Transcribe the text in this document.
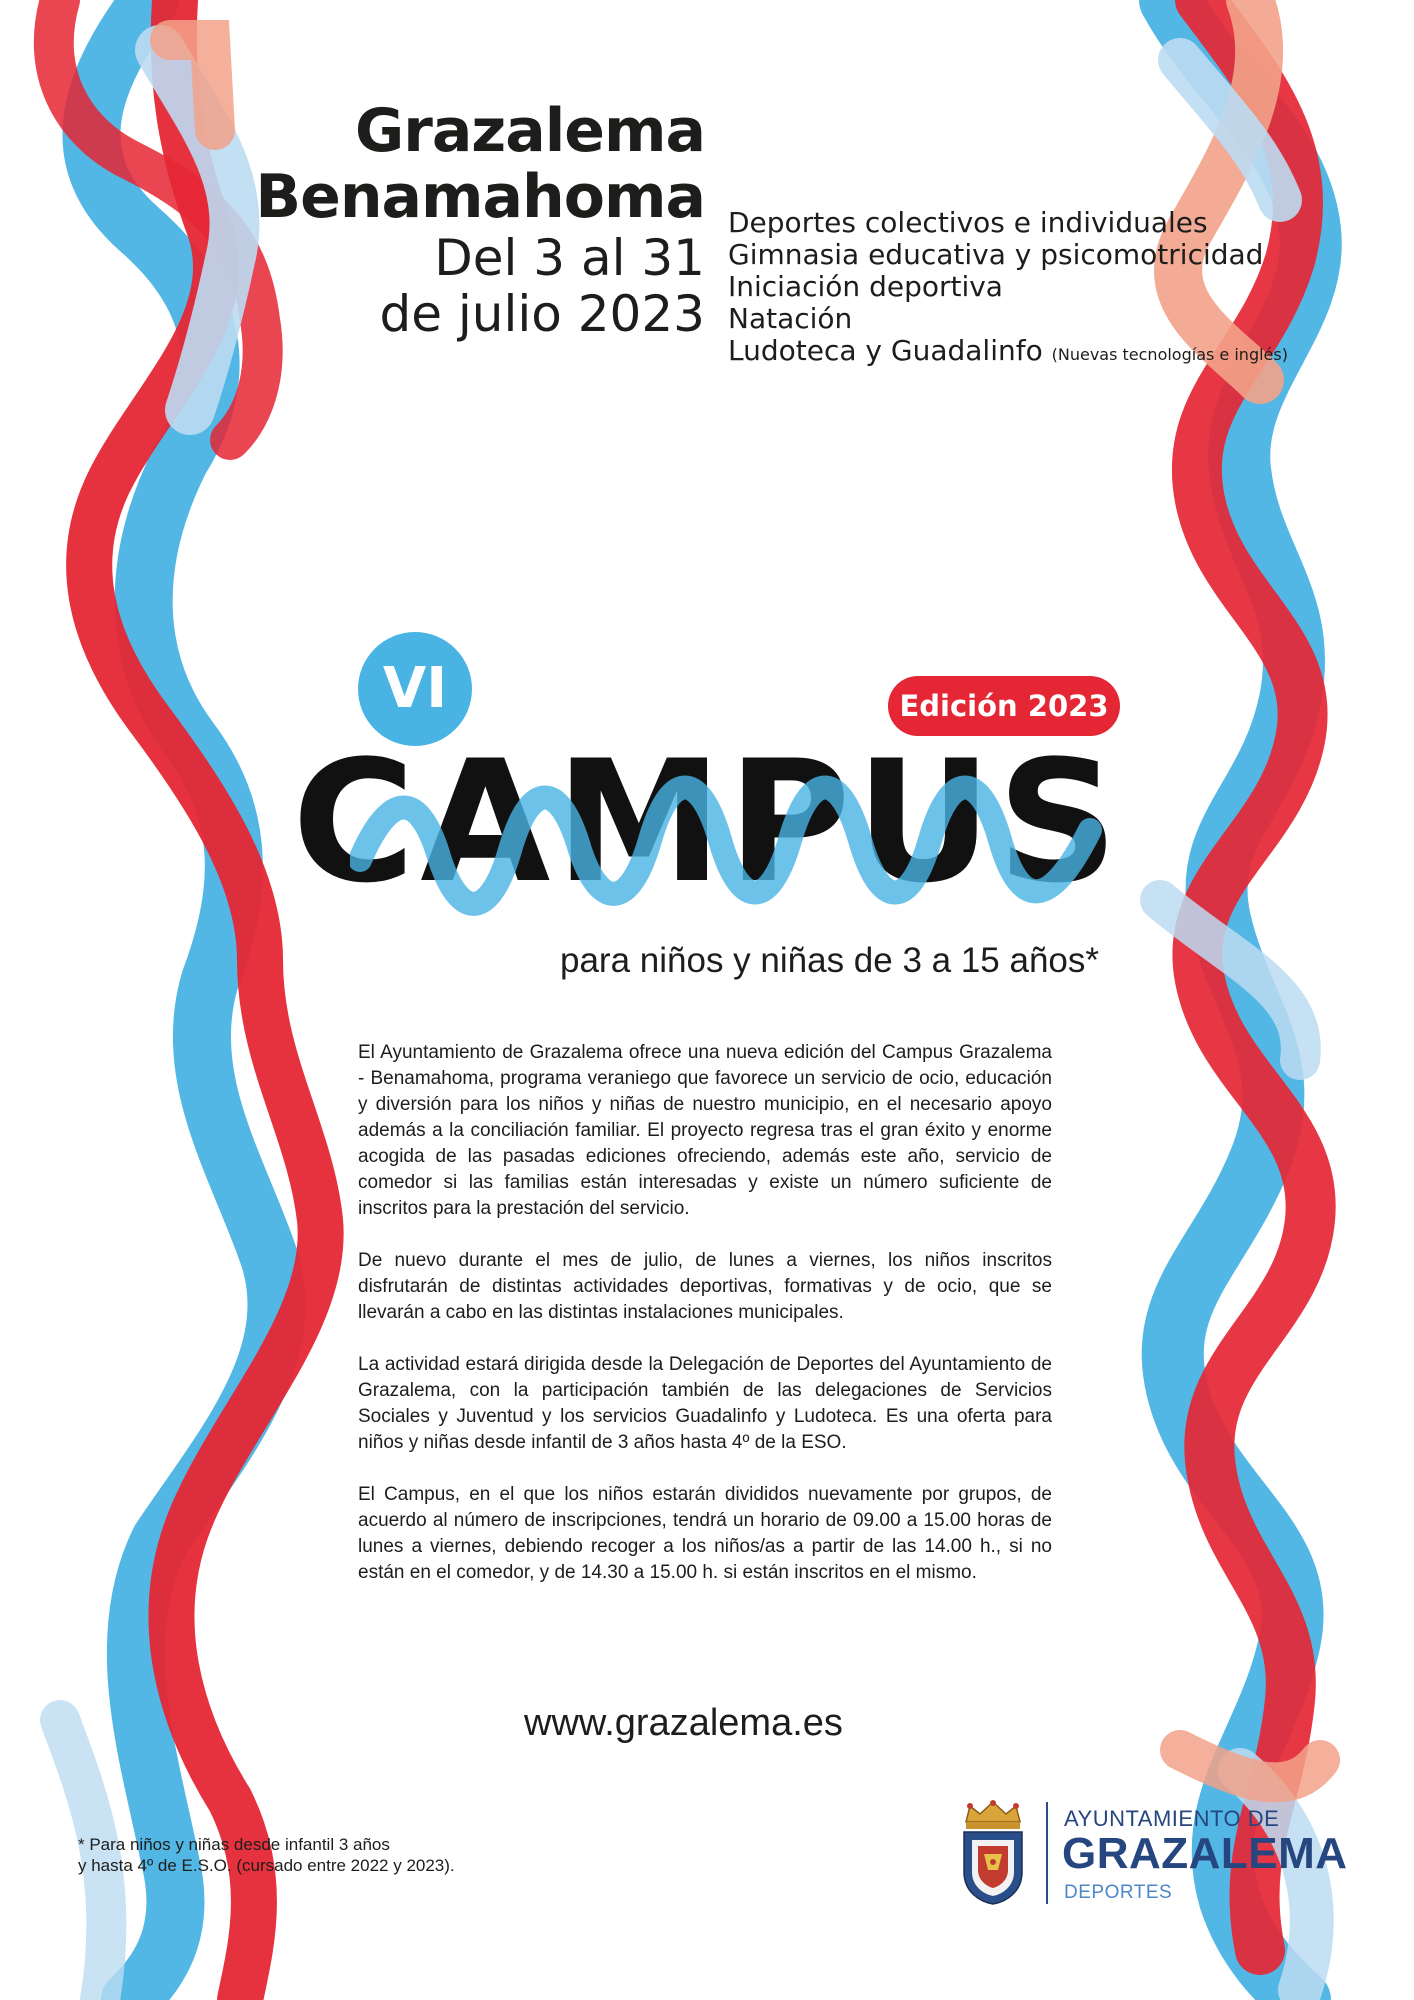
Grazalema
Benamahoma
Del 3 al 31
de julio 2023
Deportes colectivos e individuales
Gimnasia educativa y psicomotricidad
Iniciación deportiva
Natación
Ludoteca y Guadalinfo (Nuevas tecnologías e inglés)
VI	Edición 2023
CAMPUS
para niños y niñas de 3 a 15 años*

El Ayuntamiento de Grazalema ofrece una nueva edición del Campus Grazalema - Benamahoma, programa veraniego que favorece un servicio de ocio, educación y diversión para los niños y niñas de nuestro municipio, en el necesario apoyo además a la conciliación familiar. El proyecto regresa tras el gran éxito y enorme acogida de las pasadas ediciones ofreciendo, además este año, servicio de comedor si las familias están interesadas y existe un número suficiente de inscritos para la prestación del servicio.

De nuevo durante el mes de julio, de lunes a viernes, los niños inscritos disfrutarán de distintas actividades deportivas, formativas y de ocio, que se llevarán a cabo en las distintas instalaciones municipales.

La actividad estará dirigida desde la Delegación de Deportes del Ayuntamiento de Grazalema, con la participación también de las delegaciones de Servicios Sociales y Juventud y los servicios Guadalinfo y Ludoteca. Es una oferta para niños y niñas desde infantil de 3 años hasta 4º de la ESO.

El Campus, en el que los niños estarán divididos nuevamente por grupos, de acuerdo al número de inscripciones, tendrá un horario de 09.00 a 15.00 horas de lunes a viernes, debiendo recoger a los niños/as a partir de las 14.00 h., si no están en el comedor, y de 14.30 a 15.00 h. si están inscritos en el mismo.

www.grazalema.es
* Para niños y niñas desde infantil 3 años
y hasta 4º de E.S.O. (cursado entre 2022 y 2023).
AYUNTAMIENTO DE
GRAZALEMA
DEPORTES
